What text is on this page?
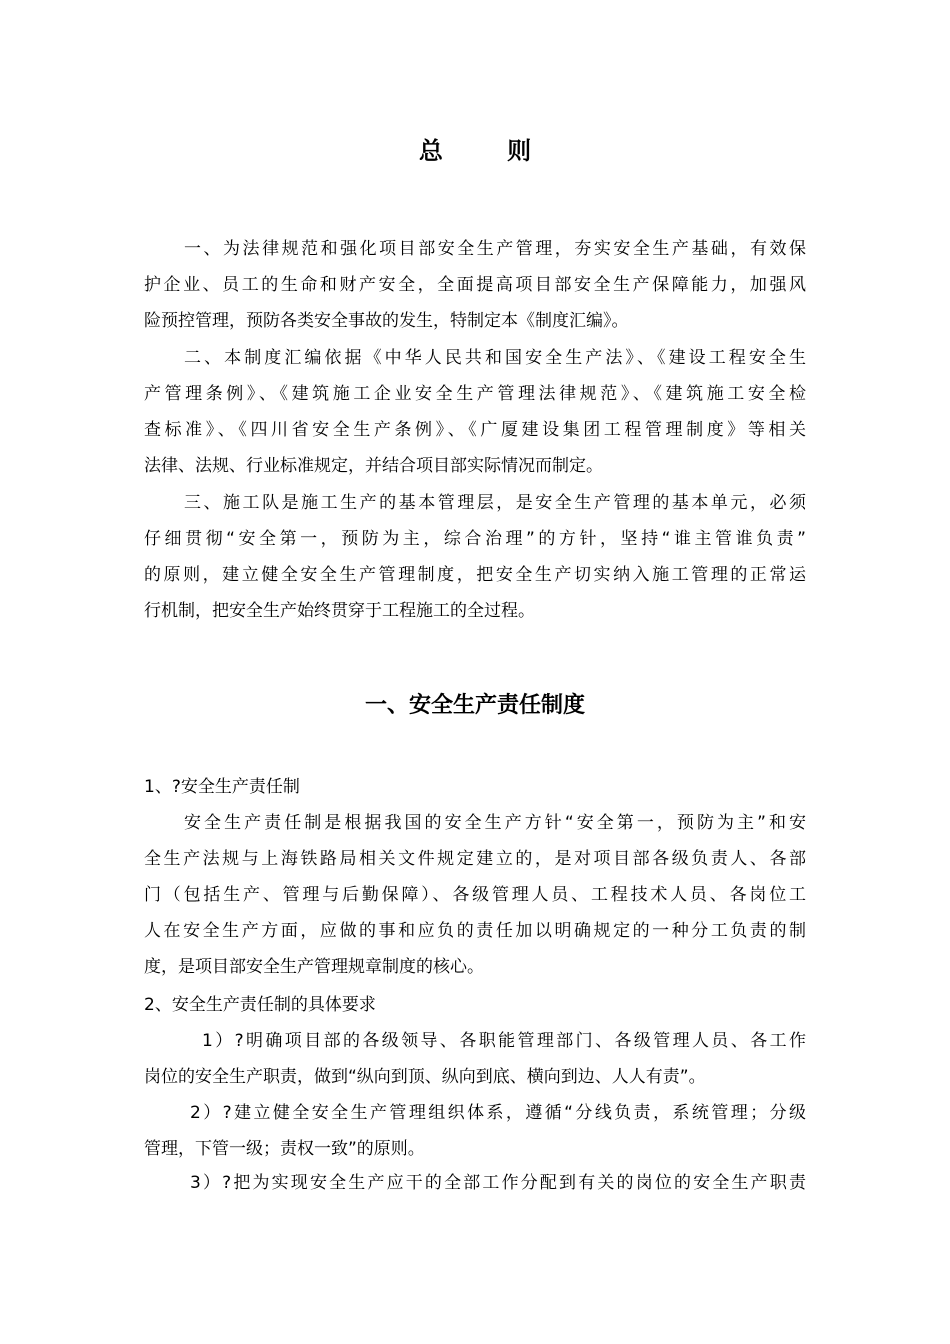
总 则
一、为法律规范和强化项目部安全生产管理，夯实安全生产基础，有效保
护企业、员工的生命和财产安全，全面提高项目部安全生产保障能力，加强风
险预控管理，预防各类安全事故的发生，特制定本《制度汇编》。
二、本制度汇编依据《中华人民共和国安全生产法》、《建设工程安全生
产管理条例》、《建筑施工企业安全生产管理法律规范》、《建筑施工安全检
查标准》、《四川省安全生产条例》、《广厦建设集团工程管理制度》等相关
法律、法规、行业标准规定，并结合项目部实际情况而制定。
三、施工队是施工生产的基本管理层，是安全生产管理的基本单元，必须
仔细贯彻“安全第一，预防为主，综合治理”的方针，坚持“谁主管谁负责”
的原则，建立健全安全生产管理制度，把安全生产切实纳入施工管理的正常运
行机制，把安全生产始终贯穿于工程施工的全过程。
一、安全生产责任制度
1、?安全生产责任制
安全生产责任制是根据我国的安全生产方针“安全第一，预防为主”和安
全生产法规与上海铁路局相关文件规定建立的，是对项目部各级负责人、各部
门（包括生产、管理与后勤保障）、各级管理人员、工程技术人员、各岗位工
人在安全生产方面，应做的事和应负的责任加以明确规定的一种分工负责的制
度，是项目部安全生产管理规章制度的核心。
2、安全生产责任制的具体要求
1）?明确项目部的各级领导、各职能管理部门、各级管理人员、各工作
岗位的安全生产职责，做到“纵向到顶、纵向到底、横向到边、人人有责”。
2）?建立健全安全生产管理组织体系，遵循“分线负责，系统管理；分级
管理，下管一级；责权一致”的原则。
3）?把为实现安全生产应干的全部工作分配到有关的岗位的安全生产职责
